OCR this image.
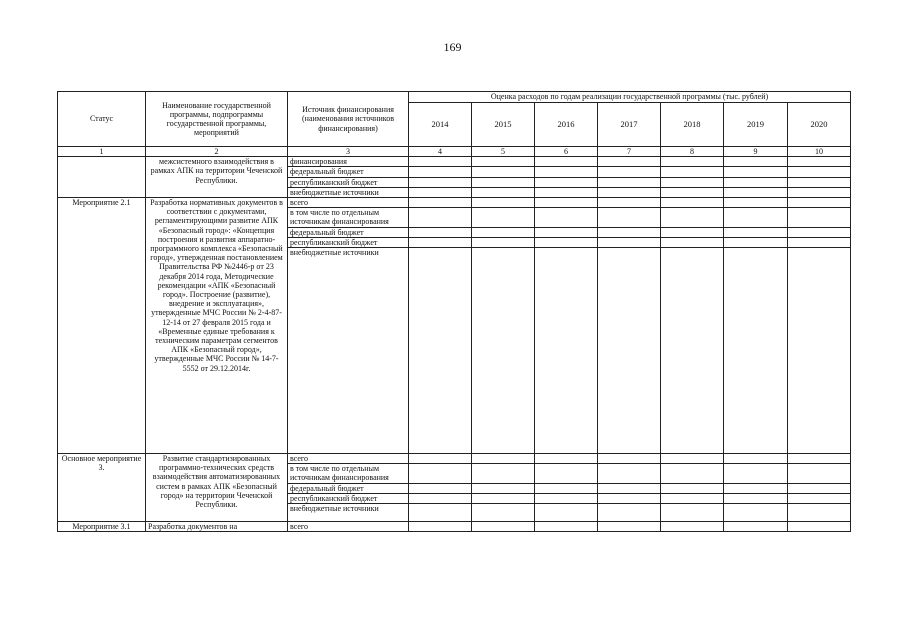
169
Статус	Наименование государственной программы, подпрограммы государственной программы, мероприятий	Источник финансирования (наименования источников финансирования)	Оценка расходов по годам реализации государственной программы (тыс. рублей)						
			2014	2015	2016	2017	2018	2019	2020
1	2	3	4	5	6	7	8	9	10
	межсистемного взаимодействия в рамках АПК на территории Чеченской Республики.	финансирования							
		федеральный бюджет							
		республиканский бюджет							
		внебюджетные источники							
Мероприятие 2.1	Разработка нормативных документов в соответствии с документами, регламентирующими развитие АПК «Безопасный город»: «Концепция построения и развития аппаратно-программного комплекса «Безопасный город», утвержденная постановлением Правительства РФ №2446-р от 23 декабря 2014 года, Методические рекомендации «АПК «Безопасный город». Построение (развитие), внедрение и эксплуатация», утвержденные МЧС России № 2-4-87-12-14 от 27 февраля 2015 года и «Временные единые требования к техническим параметрам сегментов АПК «Безопасный город», утвержденные МЧС России № 14-7-5552 от 29.12.2014г.	всего							
		в том числе по отдельным источникам финансирования							
		федеральный бюджет							
		республиканский бюджет							
		внебюджетные источники							
Основное мероприятие 3.	Развитие стандартизированных программно-технических средств взаимодействия автоматизированных систем в рамках АПК «Безопасный город» на территории Чеченской Республики.	всего							
		в том числе по отдельным источникам финансирования							
		федеральный бюджет							
		республиканский бюджет							
		внебюджетные источники							
Мероприятие 3.1	Разработка документов на	всего							
